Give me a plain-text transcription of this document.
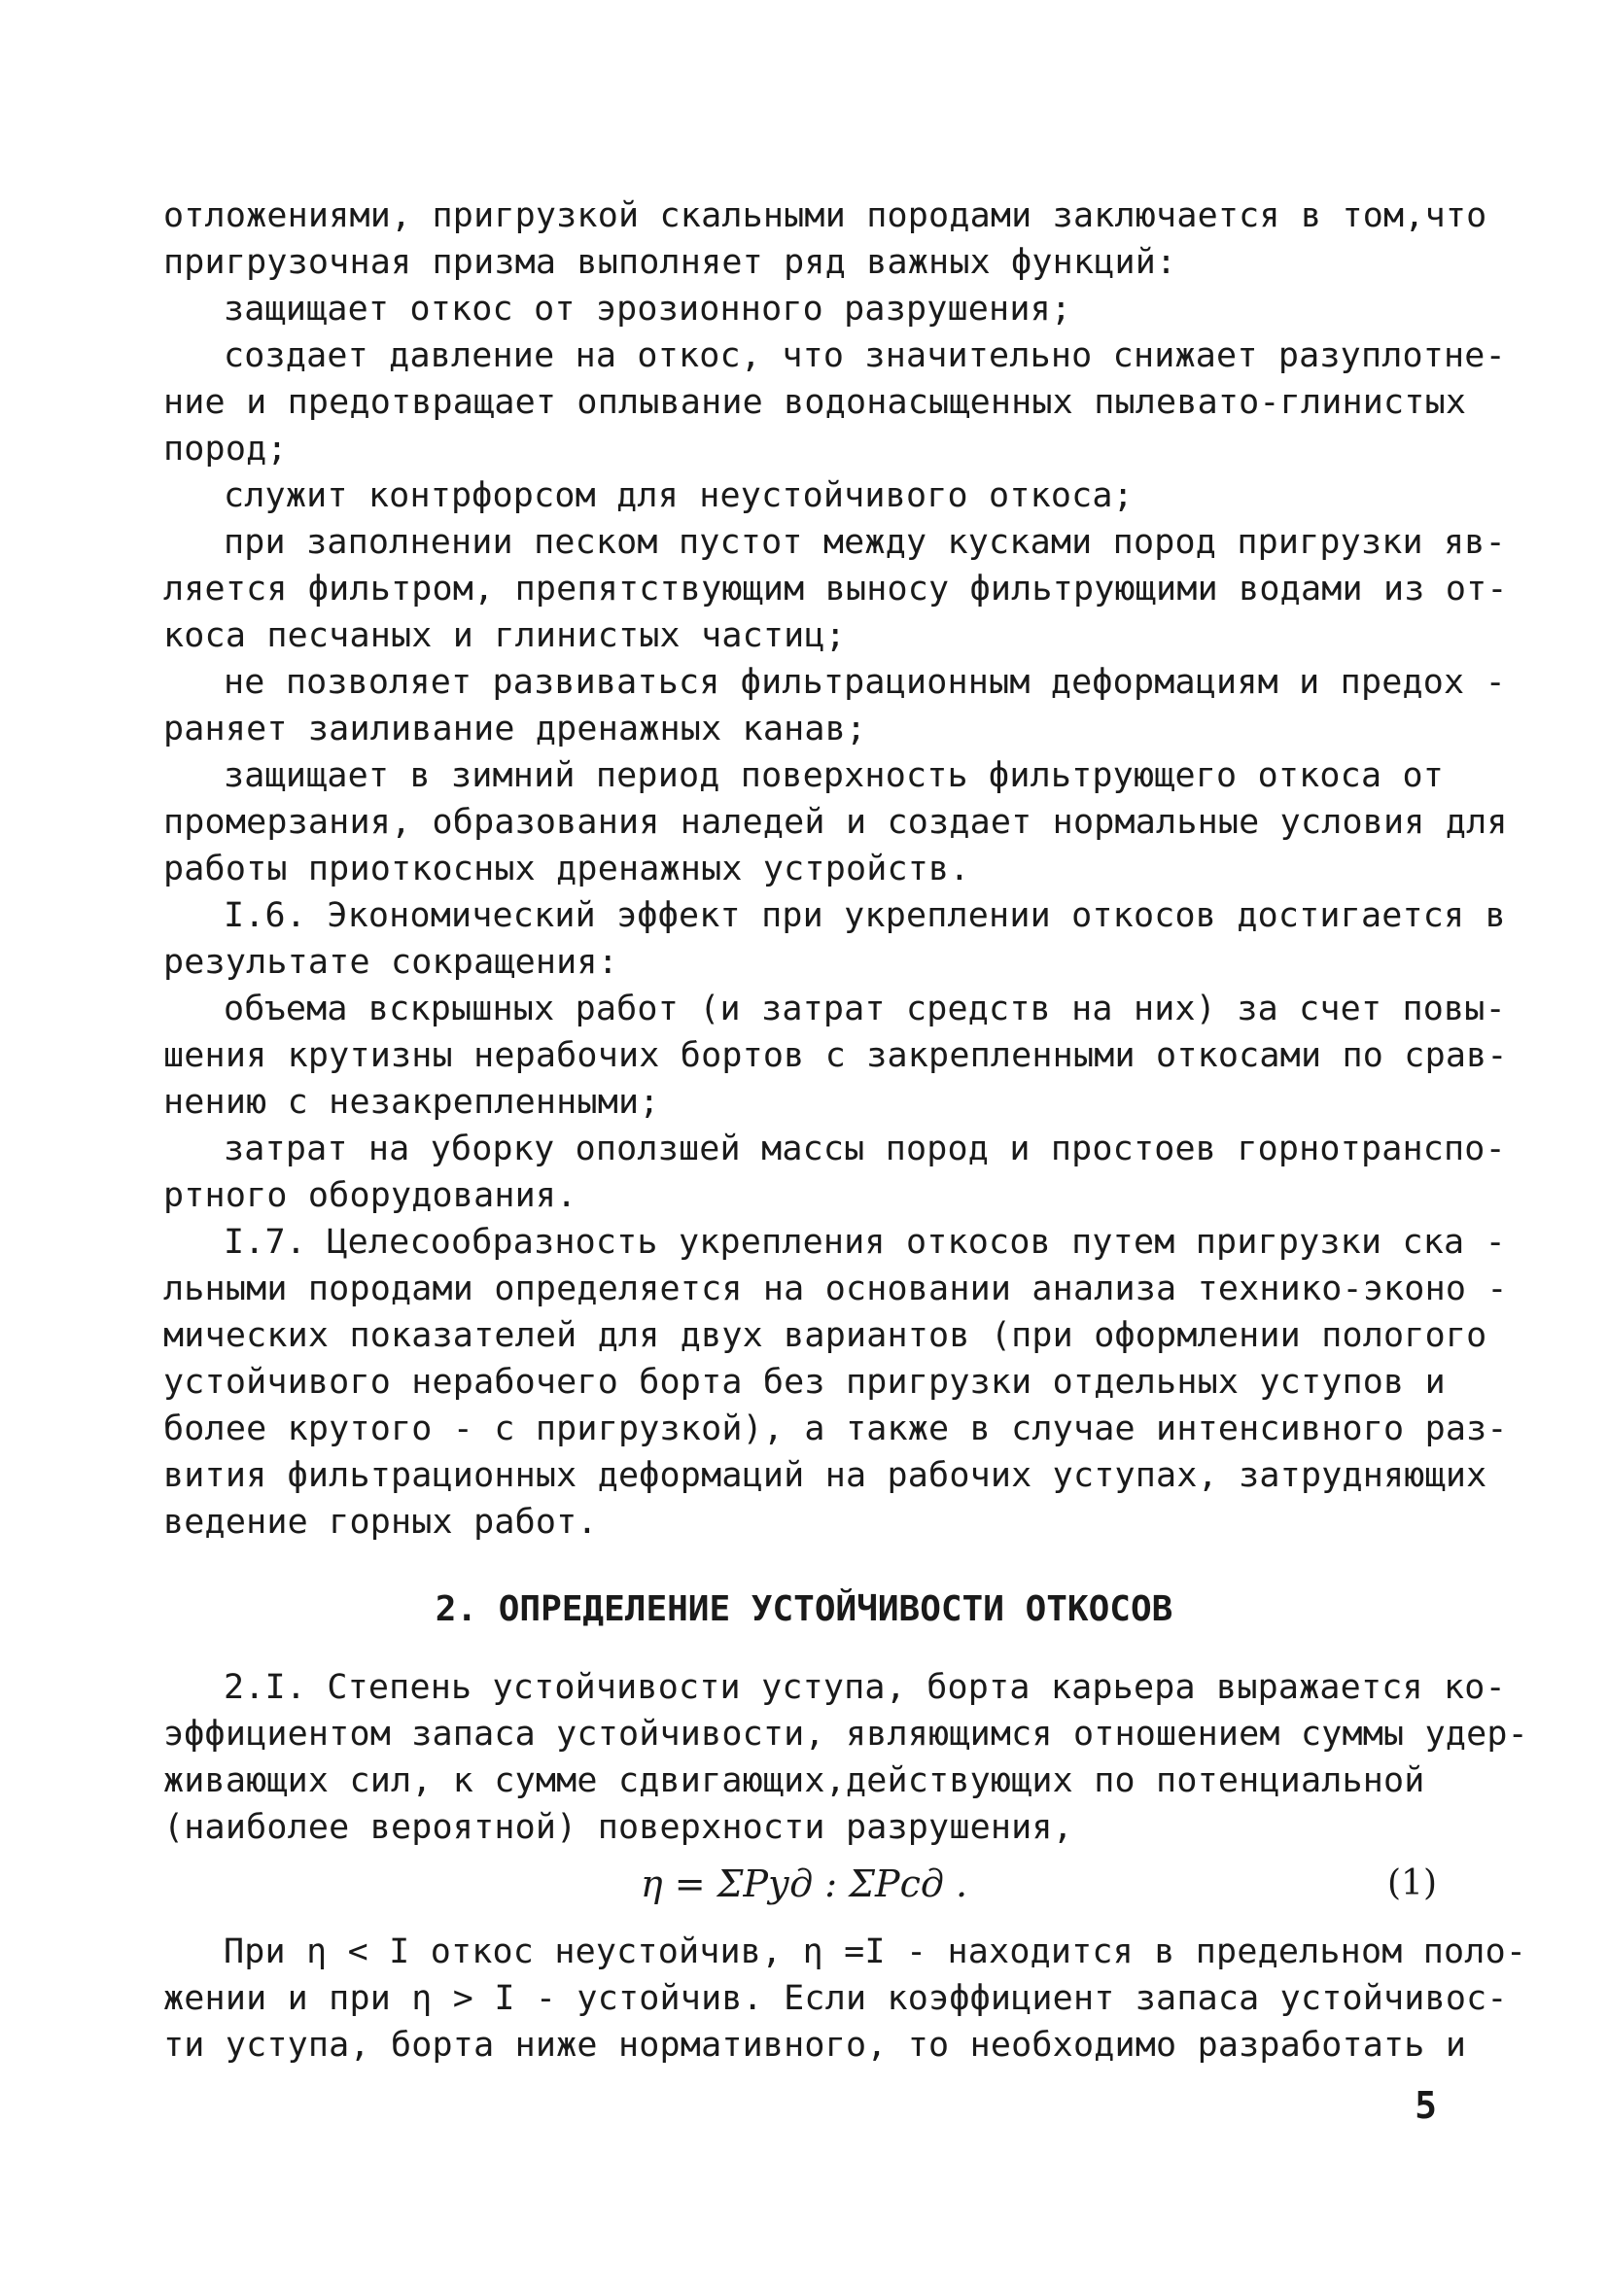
отложениями, пригрузкой скальными породами заключается в том,что
пригрузочная призма выполняет ряд важных функций:
защищает откос от эрозионного разрушения;
создает давление на откос, что значительно снижает разуплотне-
ние и предотвращает оплывание водонасыщенных пылевато-глинистых
пород;
служит контрфорсом для неустойчивого откоса;
при заполнении песком пустот между кусками пород пригрузки яв-
ляется фильтром, препятствующим выносу фильтрующими водами из от-
коса песчаных и глинистых частиц;
не позволяет развиваться фильтрационным деформациям и предох -
раняет заиливание дренажных канав;
защищает в зимний период поверхность фильтрующего откоса от
промерзания, образования наледей и создает нормальные условия для
работы приоткосных дренажных устройств.
I.6. Экономический эффект при укреплении откосов достигается в
результате сокращения:
объема вскрышных работ (и затрат средств на них) за счет повы-
шения крутизны нерабочих бортов с закрепленными откосами по срав-
нению с незакрепленными;
затрат на уборку оползшей массы пород и простоев горнотранспо-
ртного оборудования.
I.7. Целесообразность укрепления откосов путем пригрузки ска -
льными породами определяется на основании анализа технико-эконо -
мических показателей для двух вариантов (при оформлении пологого
устойчивого нерабочего борта без пригрузки отдельных уступов и
более крутого - с пригрузкой), а также в случае интенсивного раз-
вития фильтрационных деформаций на рабочих уступах, затрудняющих
ведение горных работ.
2. ОПРЕДЕЛЕНИЕ УСТОЙЧИВОСТИ ОТКОСОВ
2.I. Степень устойчивости уступа, борта карьера выражается ко-
эффициентом запаса устойчивости, являющимся отношением суммы удер-
живающих сил, к сумме сдвигающих,действующих по потенциальной
(наиболее вероятной) поверхности разрушения,
η = ΣPуд : ΣPсд .	(1)
При η < I откос неустойчив, η =I - находится в предельном поло-
жении и при η > I - устойчив. Если коэффициент запаса устойчивос-
ти уступа, борта ниже нормативного, то необходимо разработать и
5
